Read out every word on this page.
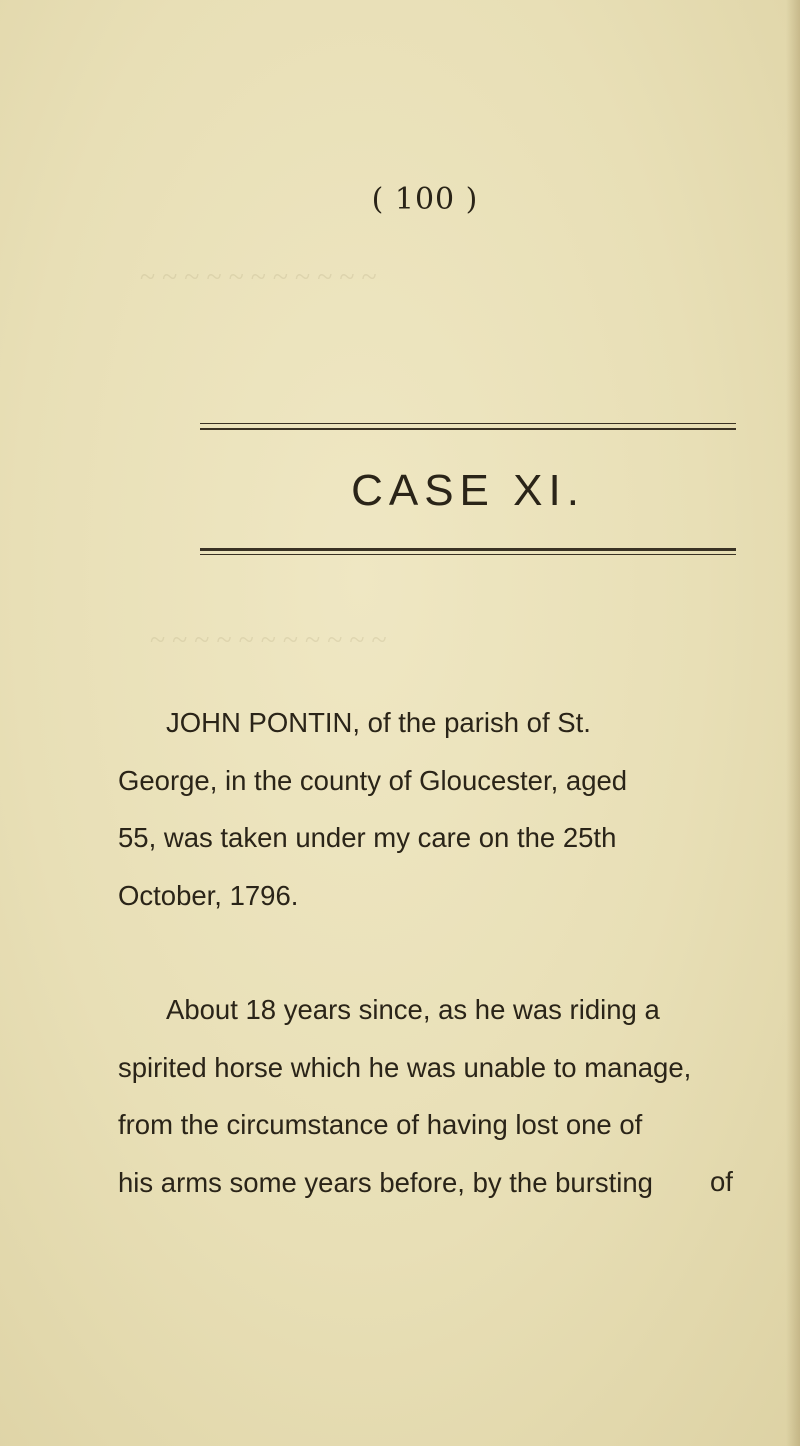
~ ~ ~ ~ ~ ~ ~ ~ ~ ~ ~
~ ~ ~ ~ ~ ~ ~ ~ ~ ~ ~
( 100 )
CASE XI.

JOHN PONTIN, of the parish of St.
George, in the county of Gloucester, aged
55, was taken under my care on the 25th
October, 1796.

About 18 years since, as he was riding a
spirited horse which he was unable to manage,
from the circumstance of having lost one of
his arms some years before, by the bursting	of
